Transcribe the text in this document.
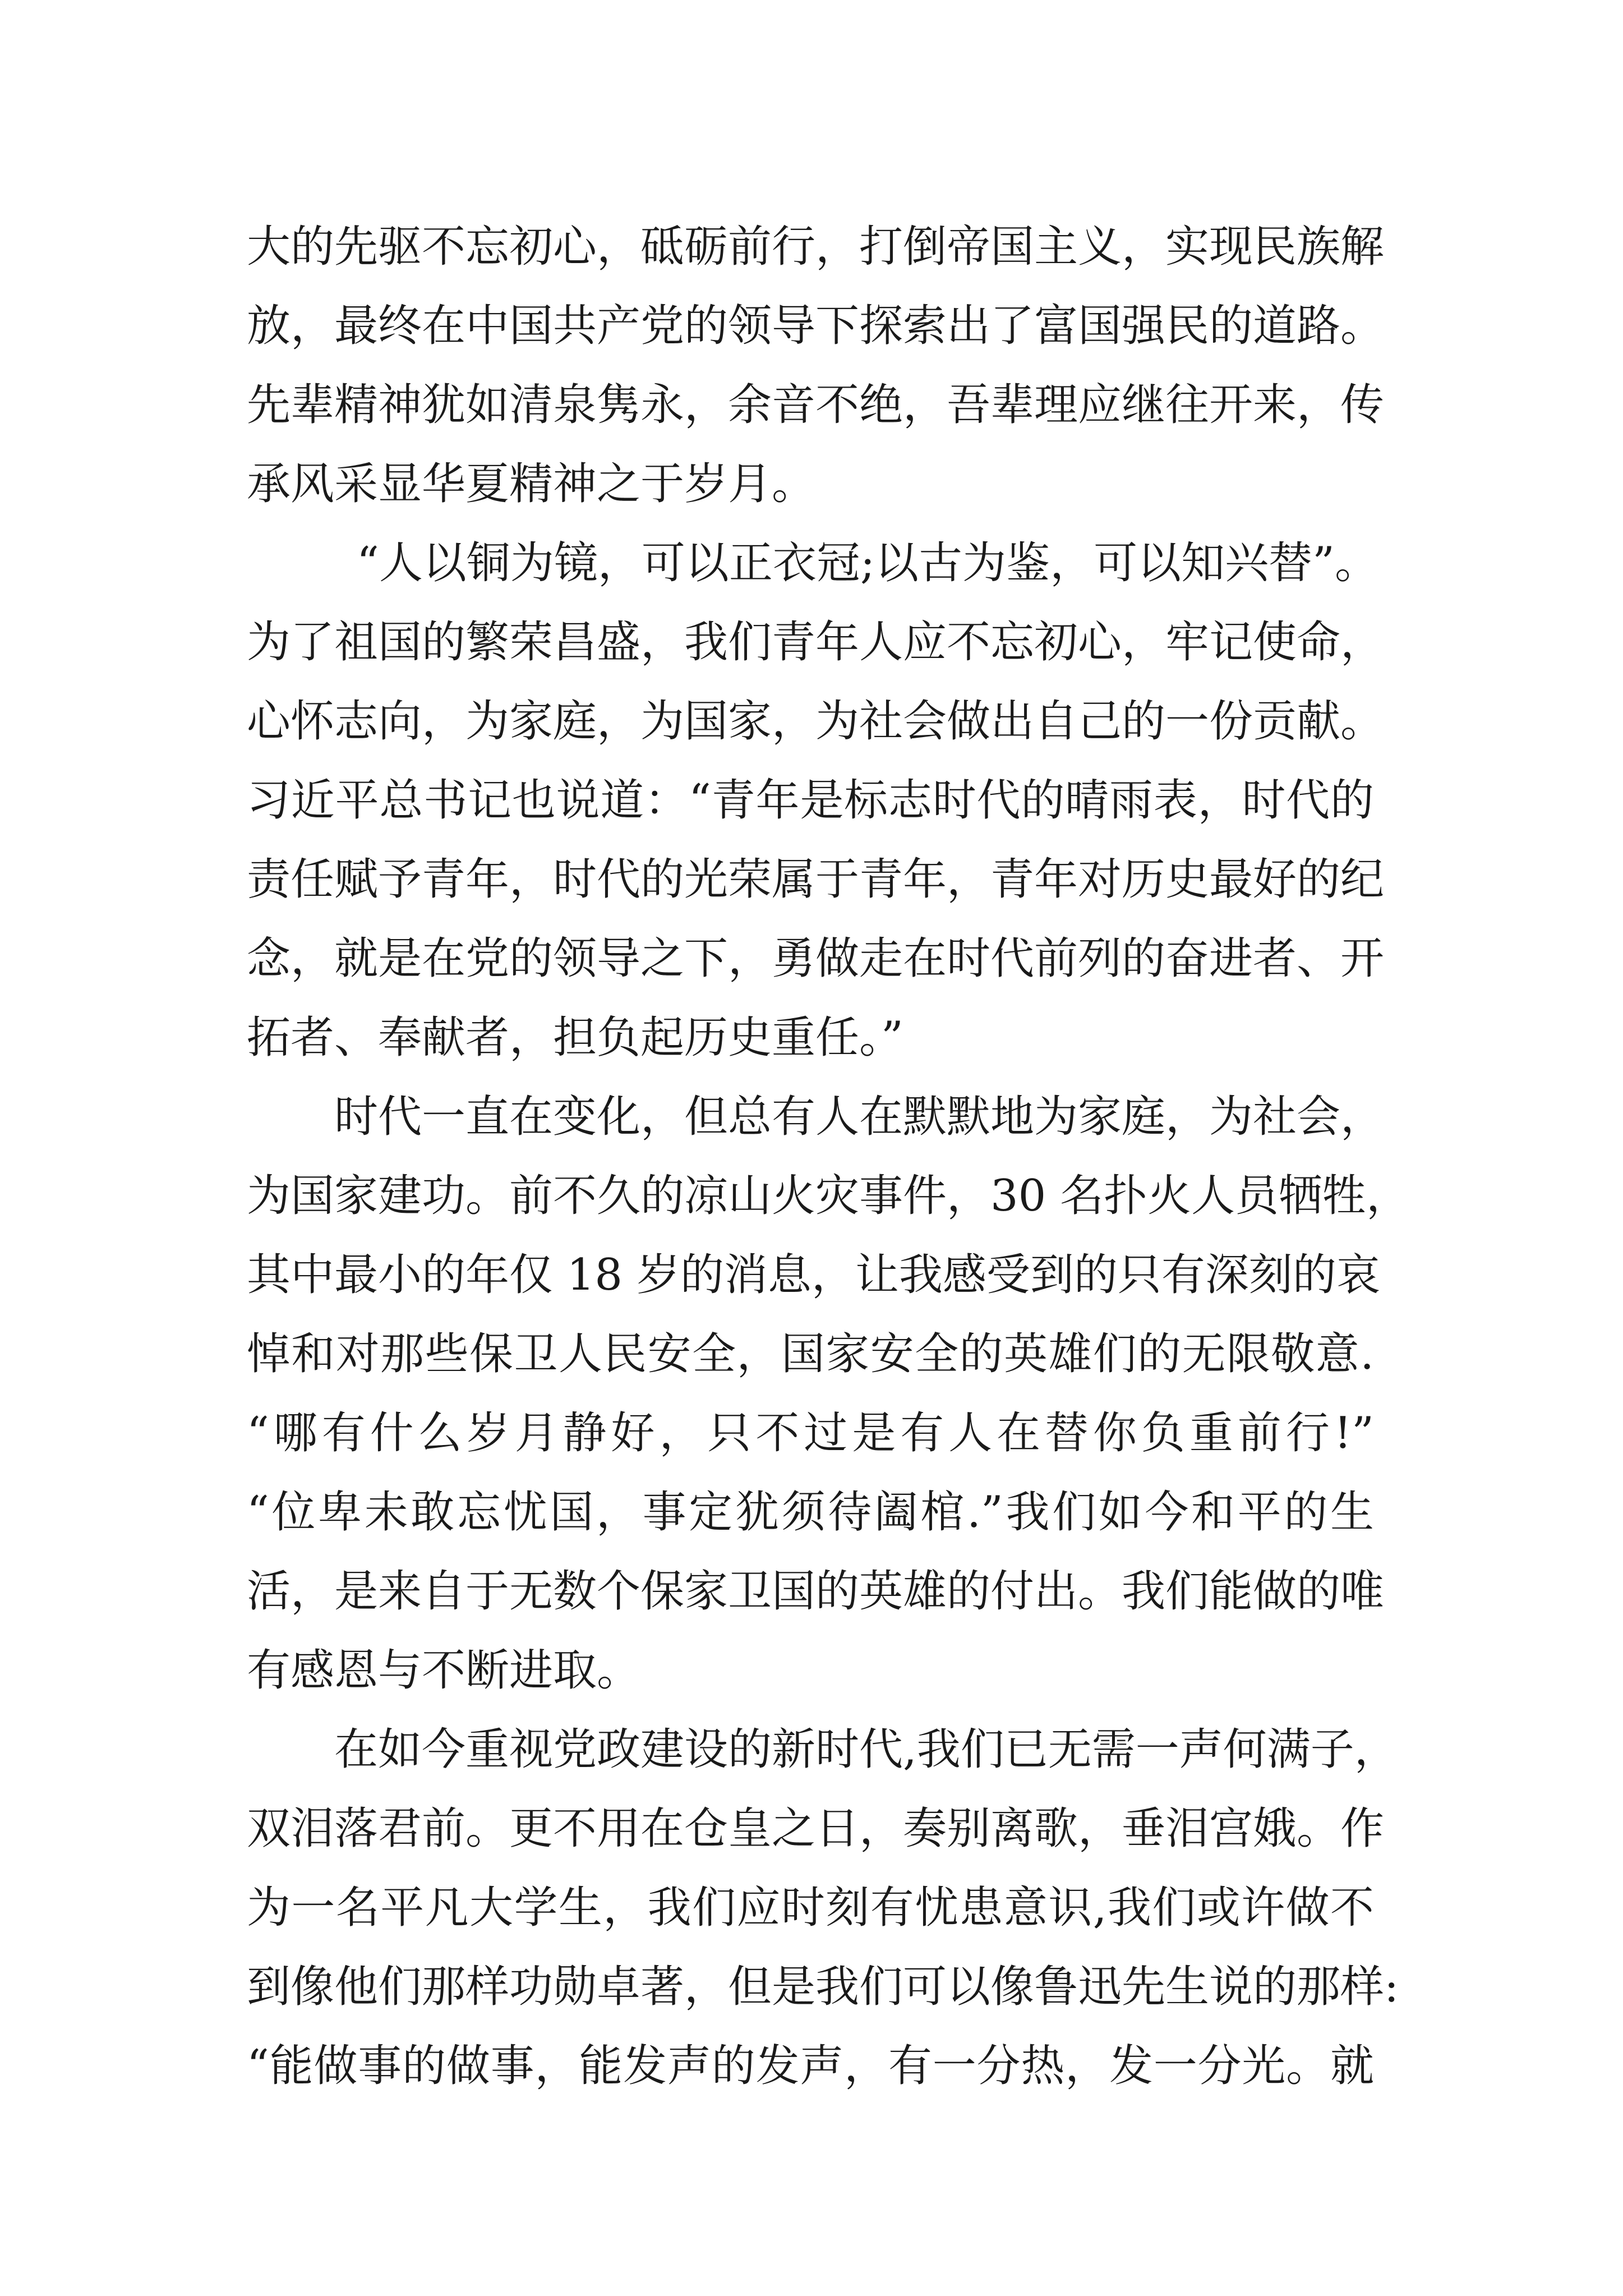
大的先驱不忘初心，砥砺前行，打倒帝国主义，实现民族解
放，最终在中国共产党的领导下探索出了富国强民的道路。
先辈精神犹如清泉隽永，余音不绝，吾辈理应继往开来，传
承风采显华夏精神之于岁月。
“人以铜为镜，可以正衣冠;以古为鉴，可以知兴替”。
为了祖国的繁荣昌盛，我们青年人应不忘初心，牢记使命，
心怀志向，为家庭，为国家，为社会做出自己的一份贡献。
习近平总书记也说道：“青年是标志时代的晴雨表，时代的
责任赋予青年，时代的光荣属于青年，青年对历史最好的纪
念，就是在党的领导之下，勇做走在时代前列的奋进者、开
拓者、奉献者，担负起历史重任。”
时代一直在变化，但总有人在默默地为家庭，为社会，
为国家建功。前不久的凉山火灾事件，30 名扑火人员牺牲，
其中最小的年仅 18 岁的消息，让我感受到的只有深刻的哀
悼和对那些保卫人民安全，国家安全的英雄们的无限敬意.
“哪有什么岁月静好，只不过是有人在替你负重前行!”
“位卑未敢忘忧国，事定犹须待阖棺.”我们如今和平的生
活，是来自于无数个保家卫国的英雄的付出。我们能做的唯
有感恩与不断进取。
在如今重视党政建设的新时代,我们已无需一声何满子，
双泪落君前。更不用在仓皇之日，奏别离歌，垂泪宫娥。作
为一名平凡大学生，我们应时刻有忧患意识,我们或许做不
到像他们那样功勋卓著，但是我们可以像鲁迅先生说的那样:
“能做事的做事，能发声的发声，有一分热，发一分光。就
